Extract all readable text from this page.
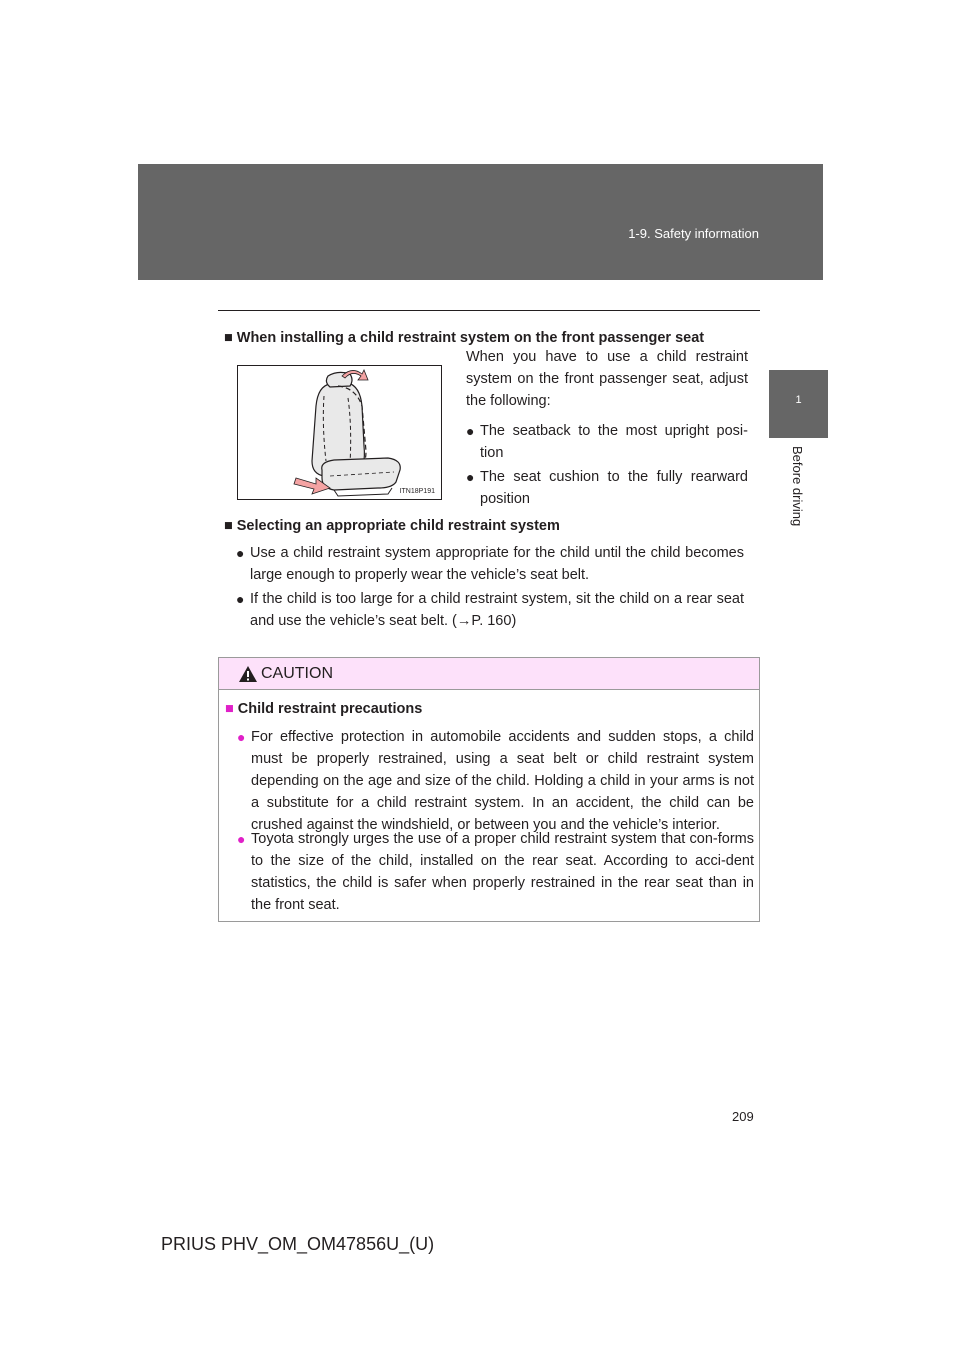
1-9. Safety information
1
Before driving
■ When installing a child restraint system on the front passenger seat
ITN18P191
When you have to use a child restraint system on the front passenger seat, adjust the following:
● The seatback to the most upright posi-tion
● The seat cushion to the fully rearward position
■ Selecting an appropriate child restraint system
● Use a child restraint system appropriate for the child until the child becomes large enough to properly wear the vehicle’s seat belt.
● If the child is too large for a child restraint system, sit the child on a rear seat and use the vehicle’s seat belt. (→P. 160)
CAUTION
■ Child restraint precautions
● For effective protection in automobile accidents and sudden stops, a child must be properly restrained, using a seat belt or child restraint system depending on the age and size of the child. Holding a child in your arms is not a substitute for a child restraint system. In an accident, the child can be crushed against the windshield, or between you and the vehicle’s interior.
● Toyota strongly urges the use of a proper child restraint system that con-forms to the size of the child, installed on the rear seat. According to acci-dent statistics, the child is safer when properly restrained in the rear seat than in the front seat.
209
PRIUS PHV_OM_OM47856U_(U)
